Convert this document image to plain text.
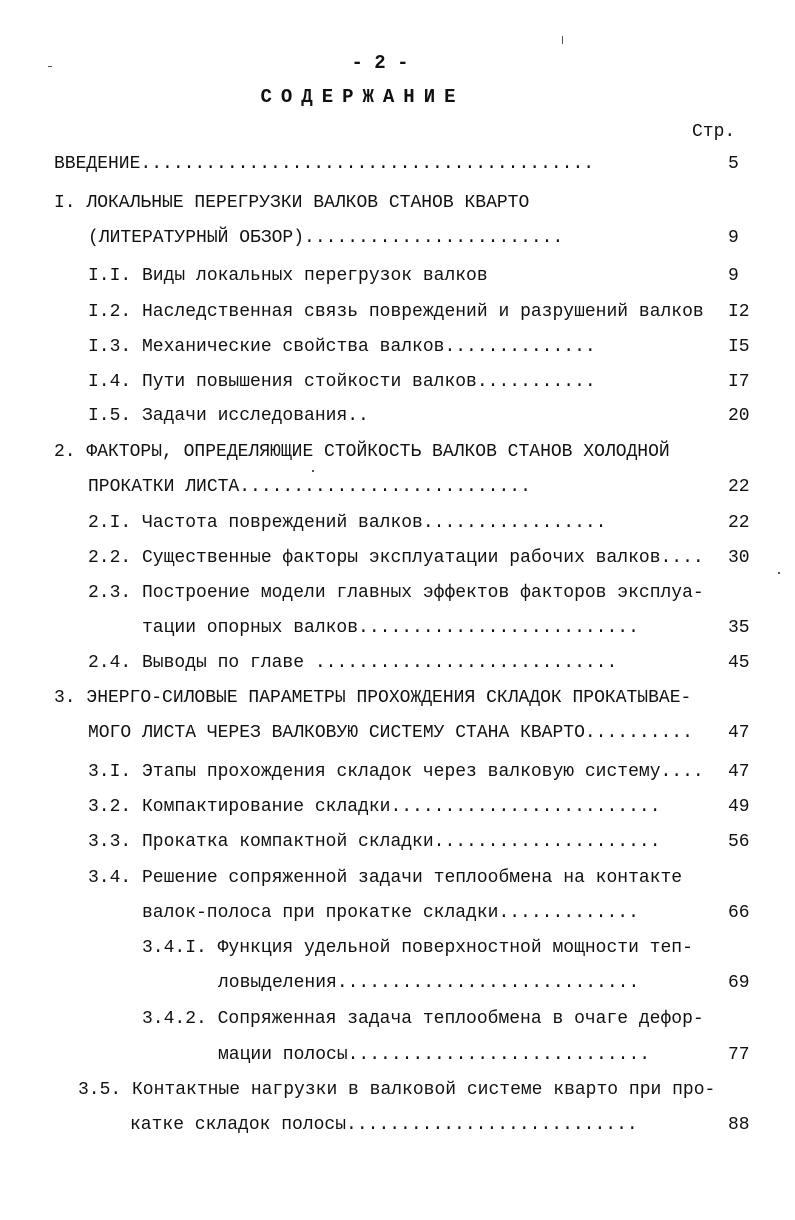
- 2 -
СОДЕРЖАНИЕ
Стр.
ВВЕДЕНИЕ..........................................	5
I. ЛОКАЛЬНЫЕ ПЕРЕГРУЗКИ ВАЛКОВ СТАНОВ КВАРТО
(ЛИТЕРАТУРНЫЙ ОБЗОР)........................	9
I.I. Виды локальных перегрузок валков	9
I.2. Наследственная связь повреждений и разрушений валков	I2
I.3. Механические свойства валков..............	I5
I.4. Пути повышения стойкости валков...........	I7
I.5. Задачи исследования..	20
2. ФАКТОРЫ, ОПРЕДЕЛЯЮЩИЕ СТОЙКОСТЬ ВАЛКОВ СТАНОВ ХОЛОДНОЙ
ПРОКАТКИ ЛИСТА...........................	22
2.I. Частота повреждений валков.................	22
2.2. Существенные факторы эксплуатации рабочих валков.... 30
2.3. Построение модели главных эффектов факторов эксплуа-
тации опорных валков..........................	35
2.4. Выводы по главе ............................	45
3. ЭНЕРГО-СИЛОВЫЕ ПАРАМЕТРЫ ПРОХОЖДЕНИЯ СКЛАДОК ПРОКАТЫВАЕ-
МОГО ЛИСТА ЧЕРЕЗ ВАЛКОВУЮ СИСТЕМУ СТАНА КВАРТО..........	47
3.I. Этапы прохождения складок через валковую систему.... 47
3.2. Компактирование складки.........................	49
3.3. Прокатка компактной складки.....................	56
3.4. Решение сопряженной задачи теплообмена на контакте
валок-полоса при прокатке складки.............	66
3.4.I. Функция удельной поверхностной мощности теп-
ловыделения............................	69
3.4.2. Сопряженная задача теплообмена в очаге дефор-
мации полосы............................	77
3.5. Контактные нагрузки в валковой системе кварто при про-
катке складок полосы...........................	88
